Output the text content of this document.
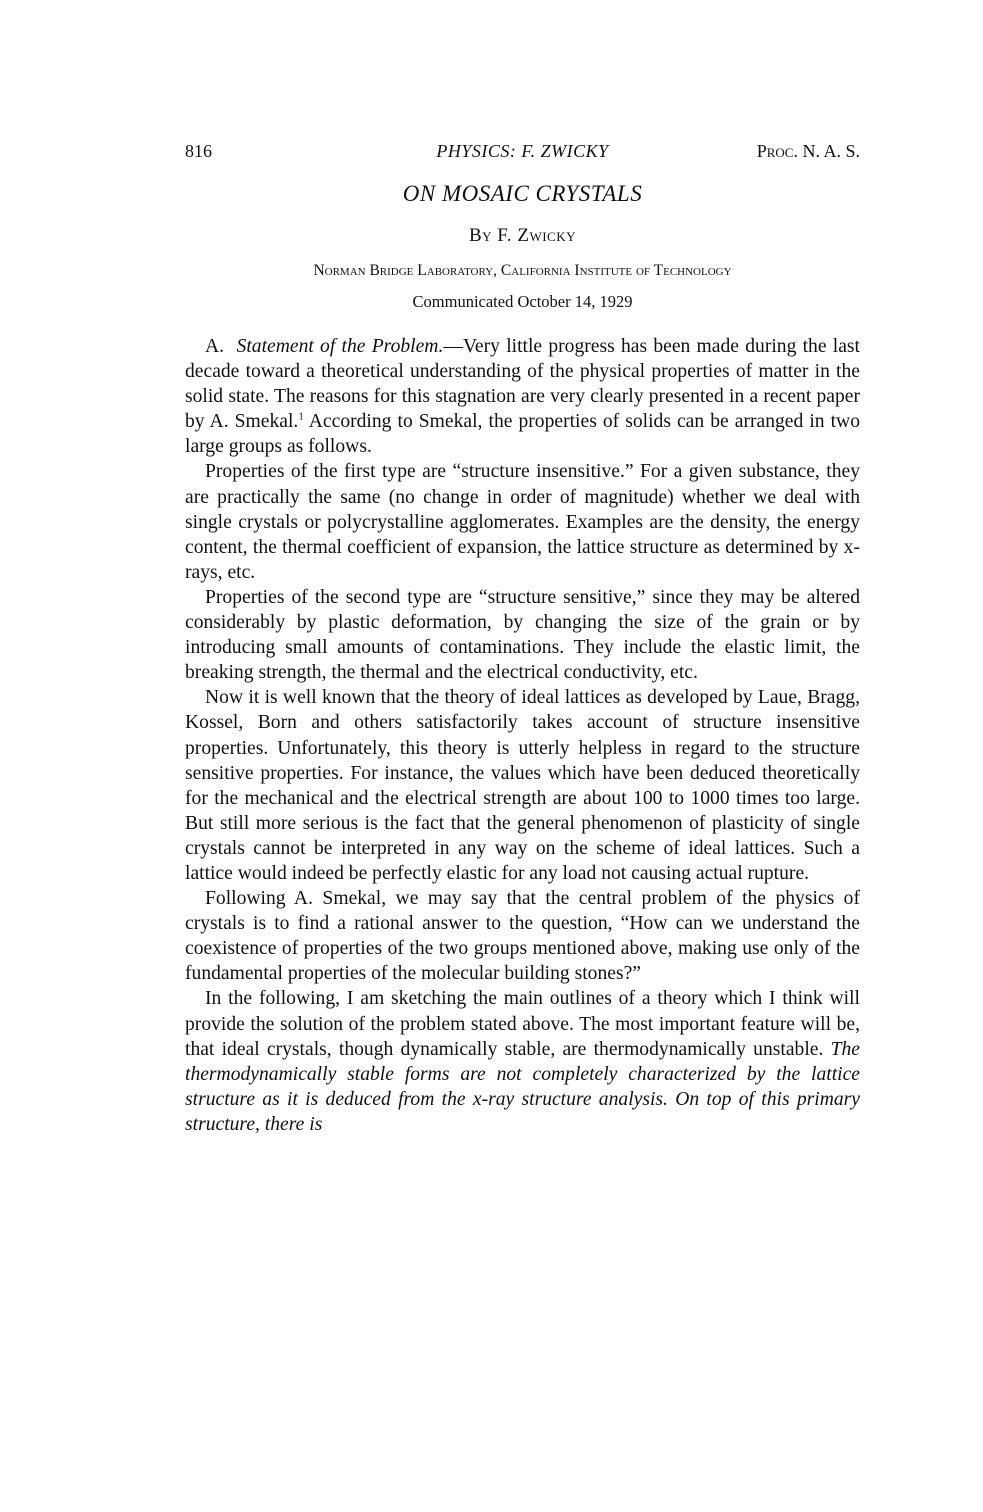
816	PHYSICS: F. ZWICKY	Proc. N. A. S.
ON MOSAIC CRYSTALS
By F. Zwicky
Norman Bridge Laboratory, California Institute of Technology
Communicated October 14, 1929

A. Statement of the Problem.—Very little progress has been made during the last decade toward a theoretical understanding of the physical properties of matter in the solid state. The reasons for this stagnation are very clearly presented in a recent paper by A. Smekal.$^1$ According to Smekal, the properties of solids can be arranged in two large groups as follows.

Properties of the first type are “structure insensitive.” For a given substance, they are practically the same (no change in order of magnitude) whether we deal with single crystals or polycrystalline agglomerates. Examples are the density, the energy content, the thermal coefficient of expansion, the lattice structure as determined by x-rays, etc.

Properties of the second type are “structure sensitive,” since they may be altered considerably by plastic deformation, by changing the size of the grain or by introducing small amounts of contaminations. They include the elastic limit, the breaking strength, the thermal and the electrical conductivity, etc.

Now it is well known that the theory of ideal lattices as developed by Laue, Bragg, Kossel, Born and others satisfactorily takes account of structure insensitive properties. Unfortunately, this theory is utterly helpless in regard to the structure sensitive properties. For instance, the values which have been deduced theoretically for the mechanical and the electrical strength are about 100 to 1000 times too large. But still more serious is the fact that the general phenomenon of plasticity of single crystals cannot be interpreted in any way on the scheme of ideal lattices. Such a lattice would indeed be perfectly elastic for any load not causing actual rupture.

Following A. Smekal, we may say that the central problem of the physics of crystals is to find a rational answer to the question, “How can we understand the coexistence of properties of the two groups mentioned above, making use only of the fundamental properties of the molecular building stones?”

In the following, I am sketching the main outlines of a theory which I think will provide the solution of the problem stated above. The most important feature will be, that ideal crystals, though dynamically stable, are thermodynamically unstable. The thermodynamically stable forms are not completely characterized by the lattice structure as it is deduced from the x-ray structure analysis. On top of this primary structure, there is
